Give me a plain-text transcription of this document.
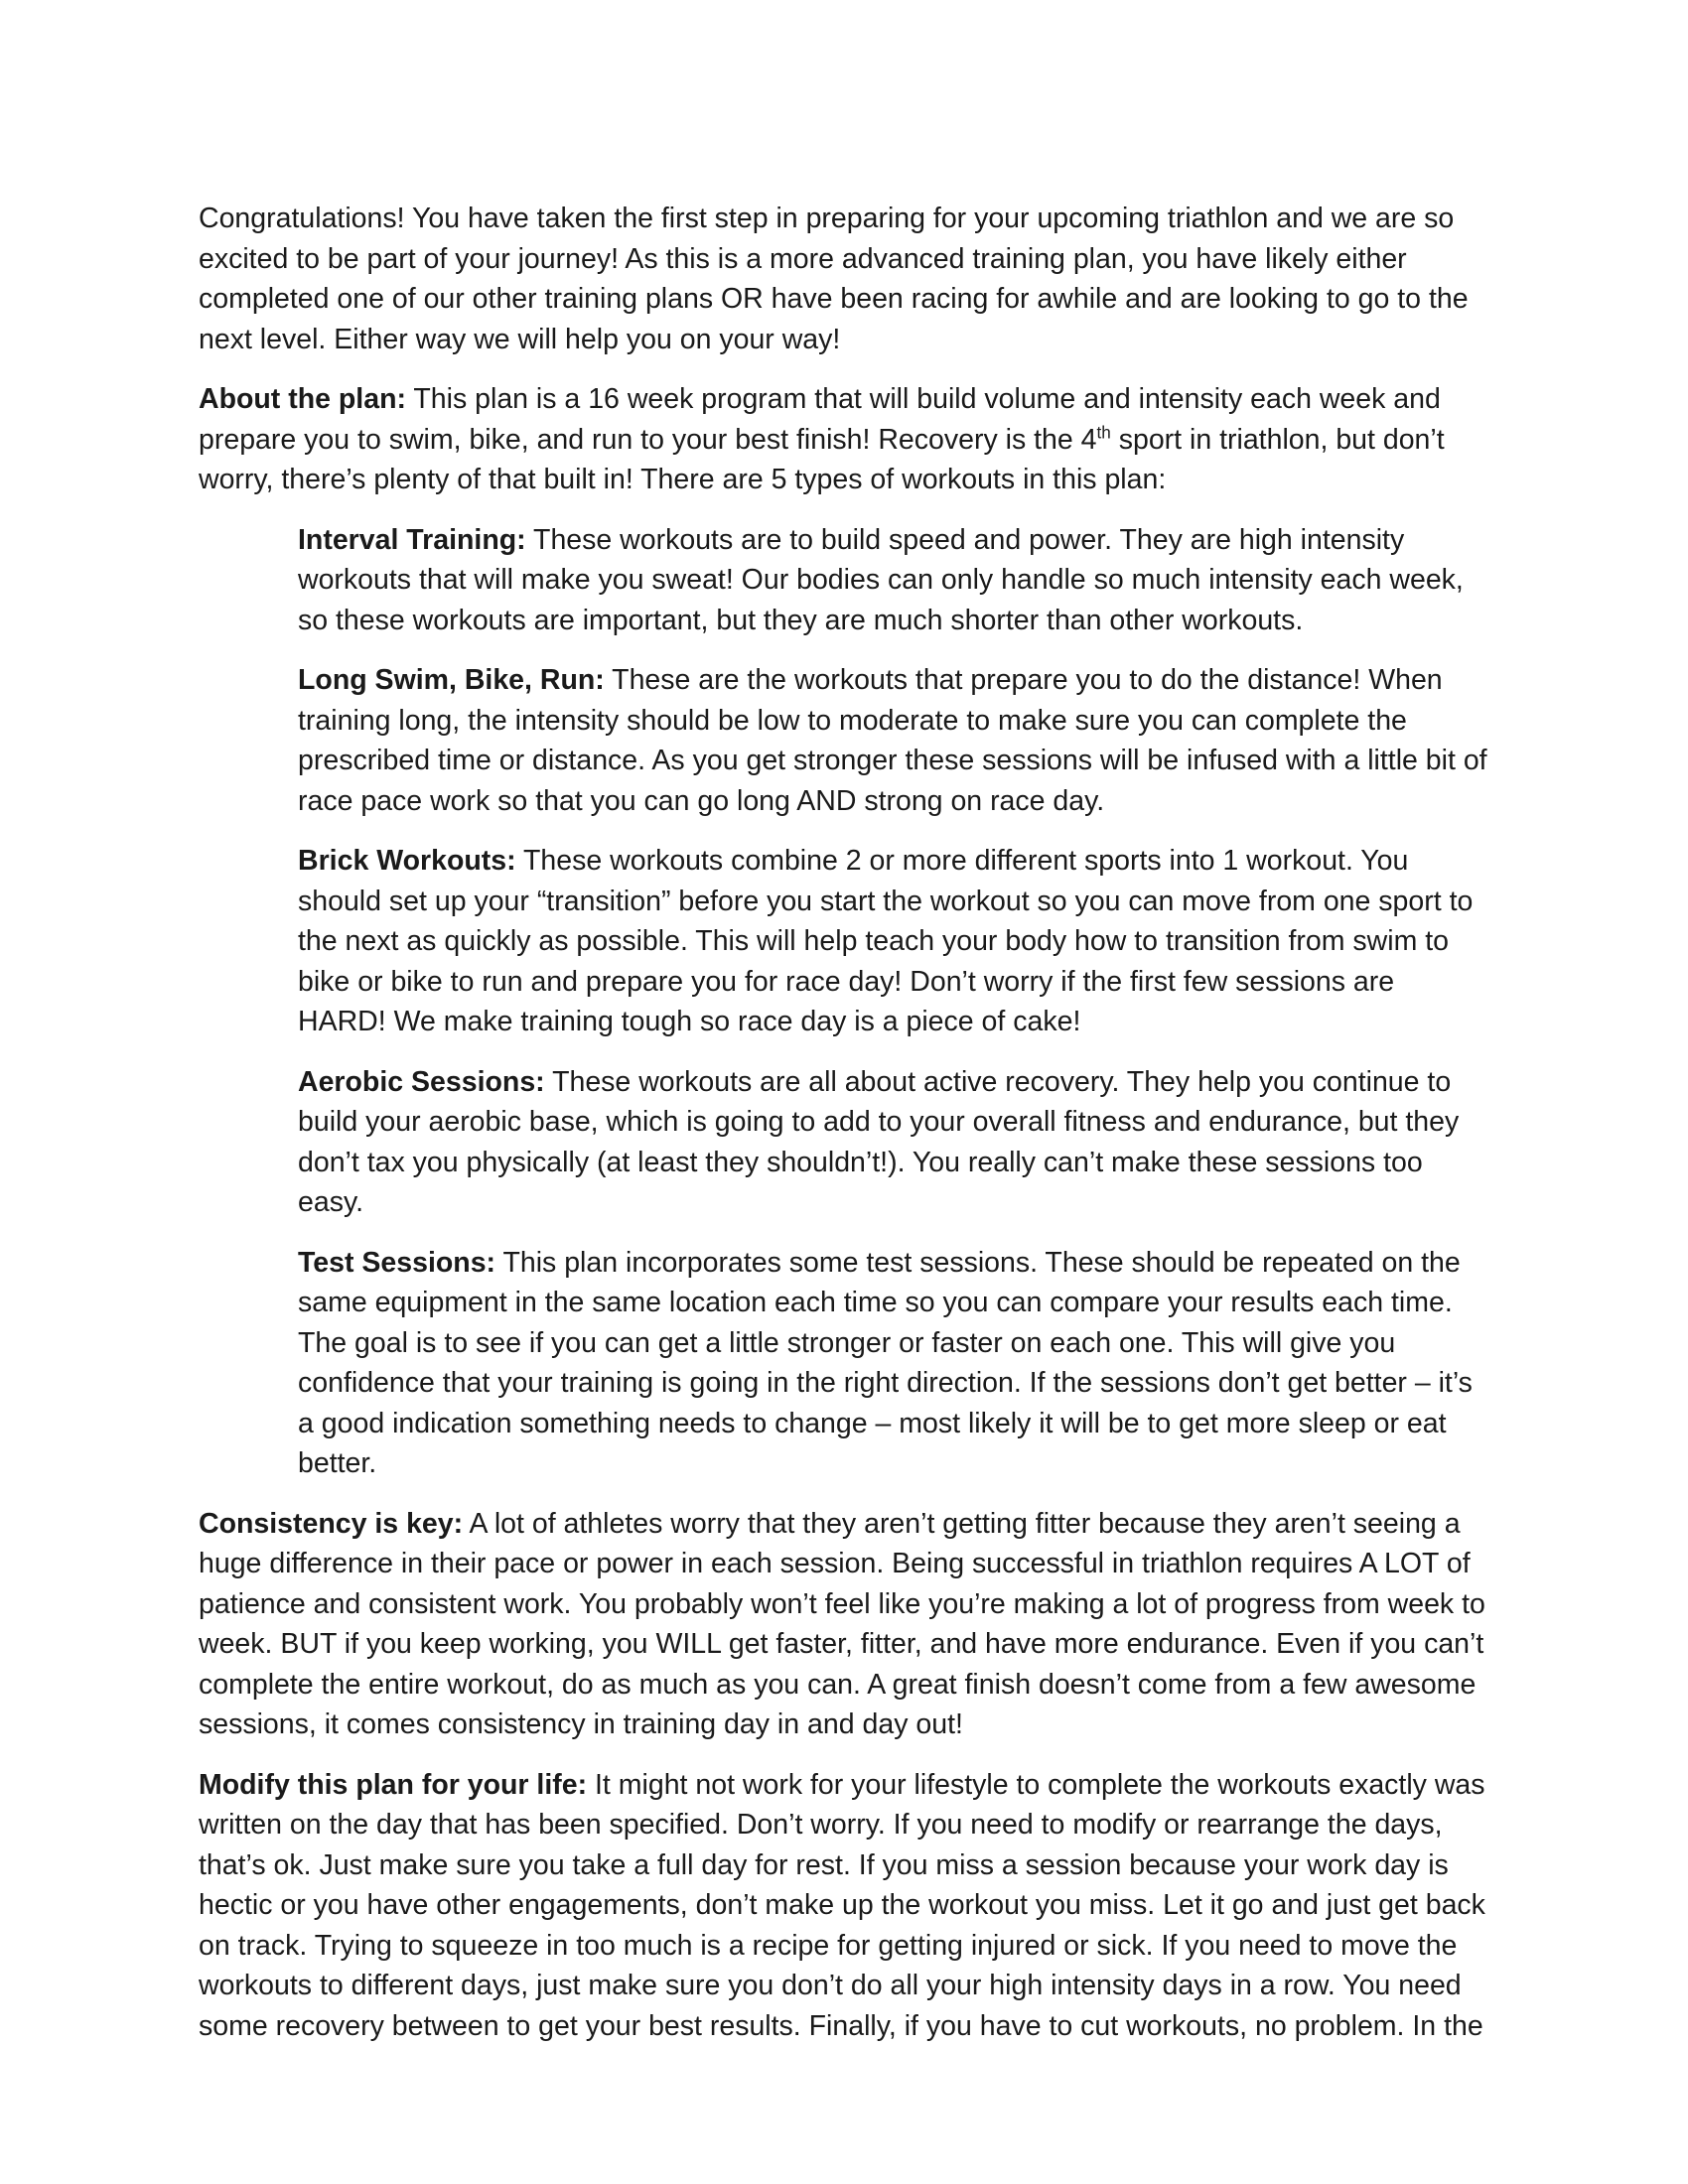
Congratulations! You have taken the first step in preparing for your upcoming triathlon and we are so excited to be part of your journey! As this is a more advanced training plan, you have likely either completed one of our other training plans OR have been racing for awhile and are looking to go to the next level. Either way we will help you on your way!

About the plan: This plan is a 16 week program that will build volume and intensity each week and prepare you to swim, bike, and run to your best finish! Recovery is the 4th sport in triathlon, but don’t worry, there’s plenty of that built in! There are 5 types of workouts in this plan:

Interval Training: These workouts are to build speed and power. They are high intensity workouts that will make you sweat! Our bodies can only handle so much intensity each week, so these workouts are important, but they are much shorter than other workouts.

Long Swim, Bike, Run: These are the workouts that prepare you to do the distance! When training long, the intensity should be low to moderate to make sure you can complete the prescribed time or distance. As you get stronger these sessions will be infused with a little bit of race pace work so that you can go long AND strong on race day.

Brick Workouts: These workouts combine 2 or more different sports into 1 workout. You should set up your “transition” before you start the workout so you can move from one sport to the next as quickly as possible. This will help teach your body how to transition from swim to bike or bike to run and prepare you for race day! Don’t worry if the first few sessions are HARD! We make training tough so race day is a piece of cake!

Aerobic Sessions: These workouts are all about active recovery. They help you continue to build your aerobic base, which is going to add to your overall fitness and endurance, but they don’t tax you physically (at least they shouldn’t!). You really can’t make these sessions too easy.

Test Sessions: This plan incorporates some test sessions. These should be repeated on the same equipment in the same location each time so you can compare your results each time. The goal is to see if you can get a little stronger or faster on each one. This will give you confidence that your training is going in the right direction. If the sessions don’t get better – it’s a good indication something needs to change – most likely it will be to get more sleep or eat better.

Consistency is key: A lot of athletes worry that they aren’t getting fitter because they aren’t seeing a huge difference in their pace or power in each session. Being successful in triathlon requires A LOT of patience and consistent work. You probably won’t feel like you’re making a lot of progress from week to week. BUT if you keep working, you WILL get faster, fitter, and have more endurance. Even if you can’t complete the entire workout, do as much as you can. A great finish doesn’t come from a few awesome sessions, it comes consistency in training day in and day out!

Modify this plan for your life: It might not work for your lifestyle to complete the workouts exactly was written on the day that has been specified. Don’t worry. If you need to modify or rearrange the days, that’s ok. Just make sure you take a full day for rest. If you miss a session because your work day is hectic or you have other engagements, don’t make up the workout you miss. Let it go and just get back on track. Trying to squeeze in too much is a recipe for getting injured or sick. If you need to move the workouts to different days, just make sure you don’t do all your high intensity days in a row. You need some recovery between to get your best results. Finally, if you have to cut workouts, no problem. In the
